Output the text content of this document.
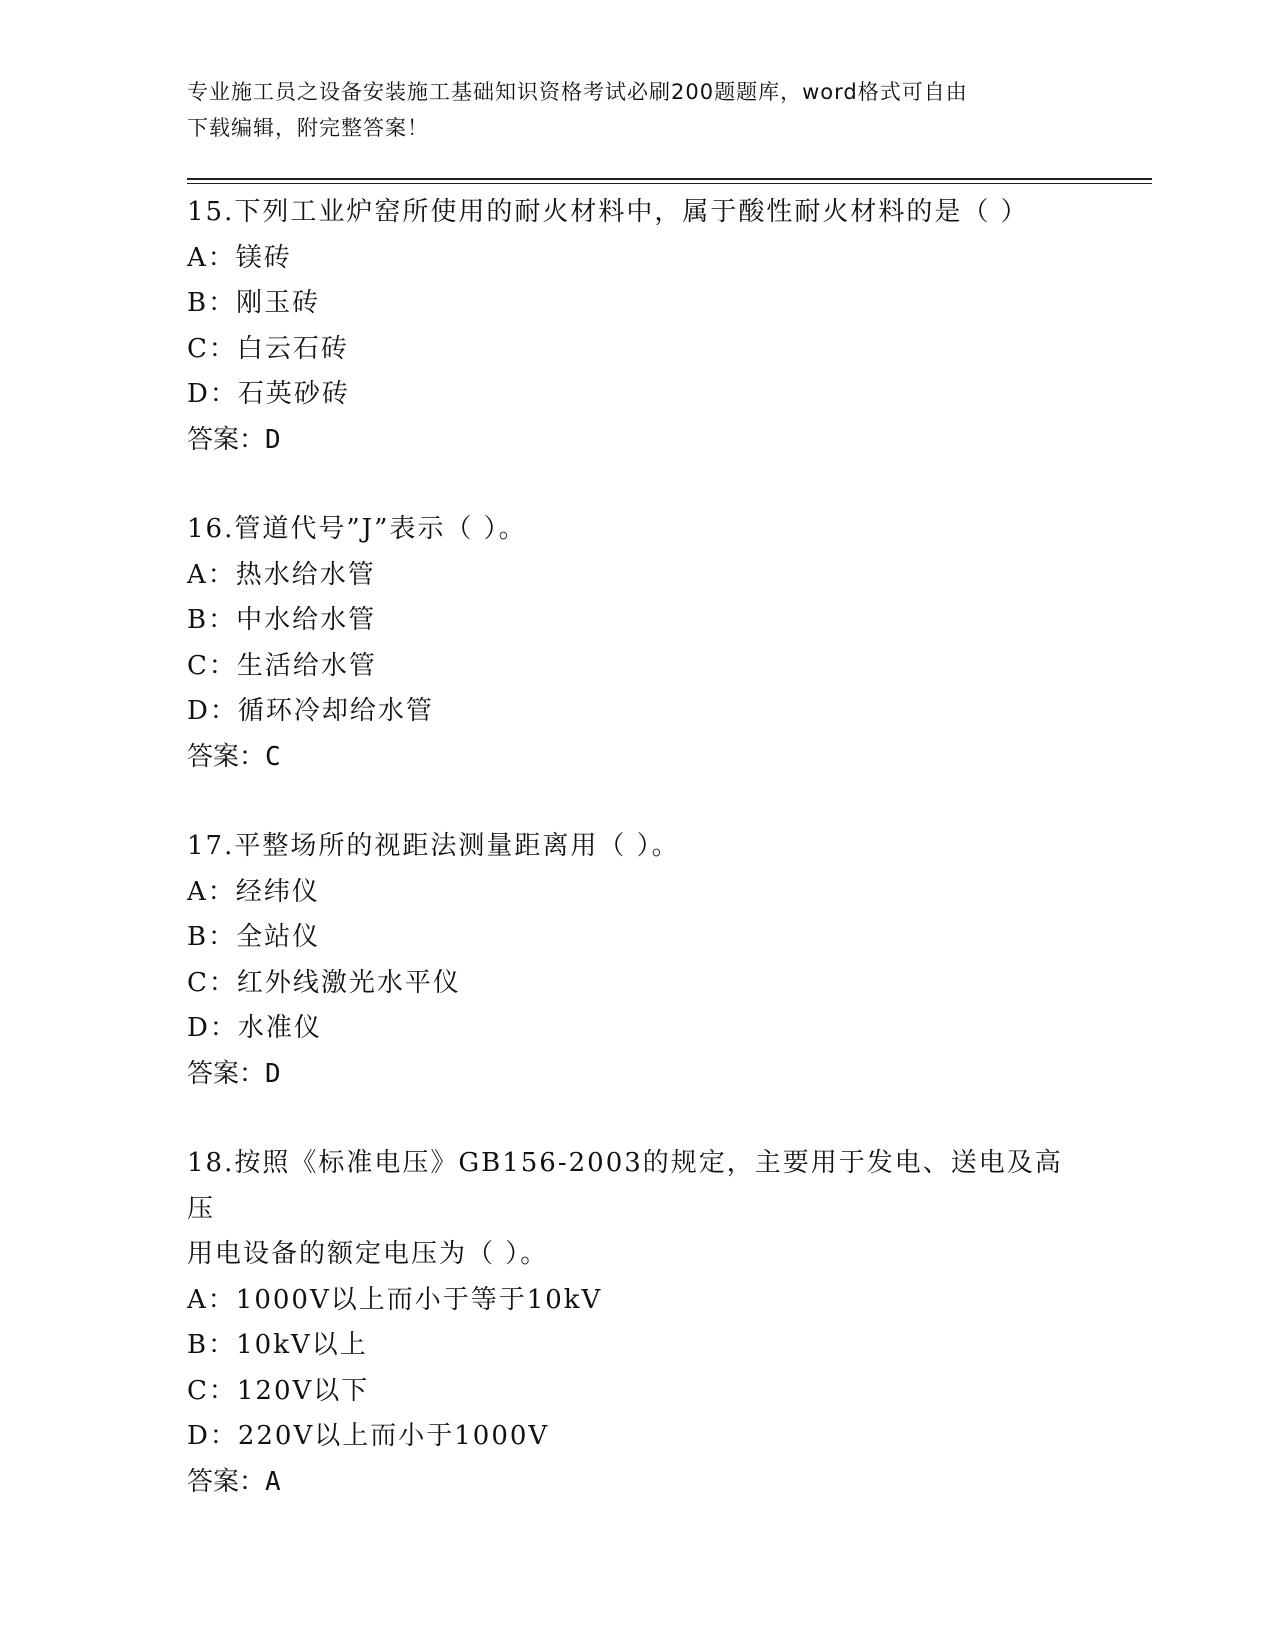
专业施工员之设备安装施工基础知识资格考试必刷200题题库，word格式可自由
下载编辑，附完整答案！

15.下列工业炉窑所使用的耐火材料中，属于酸性耐火材料的是（ ）

A：镁砖

B：刚玉砖

C：白云石砖

D：石英砂砖

答案：D

16.管道代号”J”表示（ ）。

A：热水给水管

B：中水给水管

C：生活给水管

D：循环冷却给水管

答案：C

17.平整场所的视距法测量距离用（ ）。

A：经纬仪

B：全站仪

C：红外线激光水平仪

D：水准仪

答案：D

18.按照《标准电压》GB156-2003的规定，主要用于发电、送电及高压

用电设备的额定电压为（ ）。

A：1000V以上而小于等于10kV

B：10kV以上

C：120V以下

D：220V以上而小于1000V

答案：A
